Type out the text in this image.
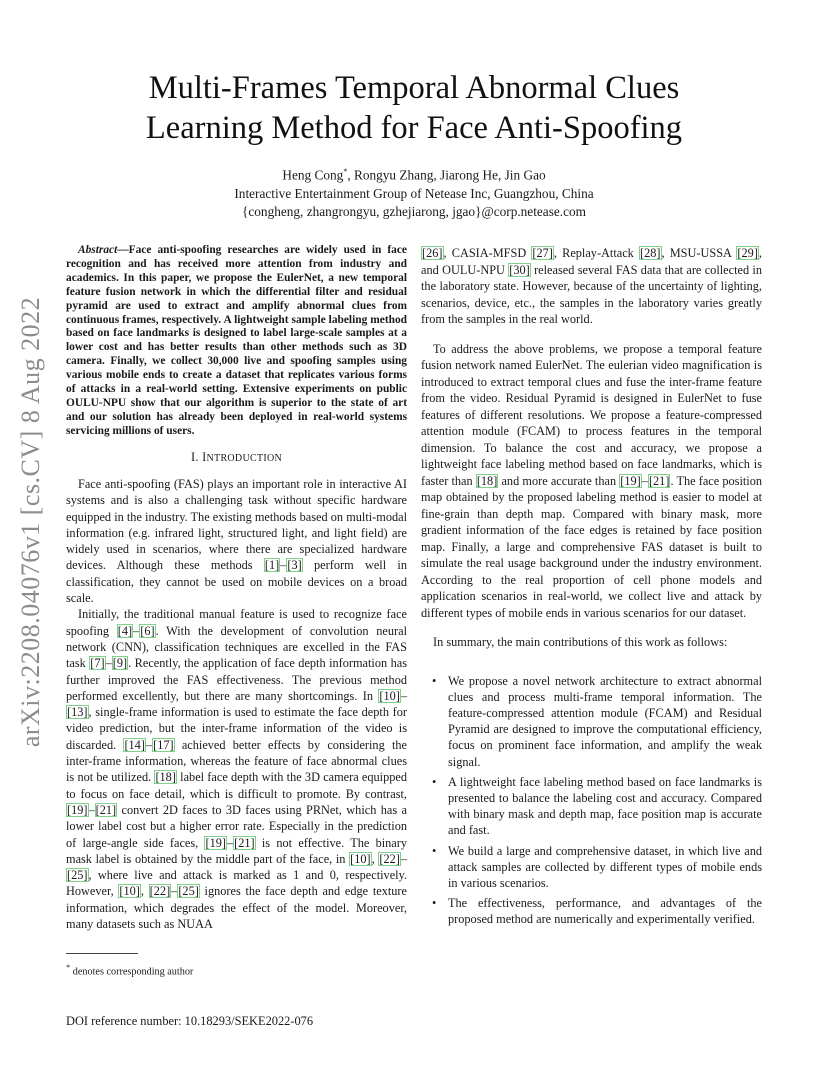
arXiv:2208.04076v1 [cs.CV] 8 Aug 2022
Multi-Frames Temporal Abnormal Clues
Learning Method for Face Anti-Spoofing
Heng Cong*, Rongyu Zhang, Jiarong He, Jin Gao
Interactive Entertainment Group of Netease Inc, Guangzhou, China
{congheng, zhangrongyu, gzhejiarong, jgao}@corp.netease.com

Abstract—Face anti-spoofing researches are widely used in face recognition and has received more attention from industry and academics. In this paper, we propose the EulerNet, a new temporal feature fusion network in which the differential filter and residual pyramid are used to extract and amplify abnormal clues from continuous frames, respectively. A lightweight sample labeling method based on face landmarks is designed to label large-scale samples at a lower cost and has better results than other methods such as 3D camera. Finally, we collect 30,000 live and spoofing samples using various mobile ends to create a dataset that replicates various forms of attacks in a real-world setting. Extensive experiments on public OULU-NPU show that our algorithm is superior to the state of art and our solution has already been deployed in real-world systems servicing millions of users.

I. INTRODUCTION

Face anti-spoofing (FAS) plays an important role in interactive AI systems and is also a challenging task without specific hardware equipped in the industry. The existing methods based on multi-modal information (e.g. infrared light, structured light, and light field) are widely used in scenarios, where there are specialized hardware devices. Although these methods [1]–[3] perform well in classification, they cannot be used on mobile devices on a broad scale.

Initially, the traditional manual feature is used to recognize face spoofing [4]–[6]. With the development of convolution neural network (CNN), classification techniques are excelled in the FAS task [7]–[9]. Recently, the application of face depth information has further improved the FAS effectiveness. The previous method performed excellently, but there are many shortcomings. In [10]–[13], single-frame information is used to estimate the face depth for video prediction, but the inter-frame information of the video is discarded. [14]–[17] achieved better effects by considering the inter-frame information, whereas the feature of face abnormal clues is not be utilized. [18] label face depth with the 3D camera equipped to focus on face detail, which is difficult to promote. By contrast, [19]–[21] convert 2D faces to 3D faces using PRNet, which has a lower label cost but a higher error rate. Especially in the prediction of large-angle side faces, [19]–[21] is not effective. The binary mask label is obtained by the middle part of the face, in [10], [22]–[25], where live and attack is marked as 1 and 0, respectively. However, [10], [22]–[25] ignores the face depth and edge texture information, which degrades the effect of the model. Moreover, many datasets such as NUAA

* denotes corresponding author

[26], CASIA-MFSD [27], Replay-Attack [28], MSU-USSA [29], and OULU-NPU [30] released several FAS data that are collected in the laboratory state. However, because of the uncertainty of lighting, scenarios, device, etc., the samples in the laboratory varies greatly from the samples in the real world.

To address the above problems, we propose a temporal feature fusion network named EulerNet. The eulerian video magnification is introduced to extract temporal clues and fuse the inter-frame feature from the video. Residual Pyramid is designed in EulerNet to fuse features of different resolutions. We propose a feature-compressed attention module (FCAM) to process features in the temporal dimension. To balance the cost and accuracy, we propose a lightweight face labeling method based on face landmarks, which is faster than [18] and more accurate than [19]–[21]. The face position map obtained by the proposed labeling method is easier to model at fine-grain than depth map. Compared with binary mask, more gradient information of the face edges is retained by face position map. Finally, a large and comprehensive FAS dataset is built to simulate the real usage background under the industry environment. According to the real proportion of cell phone models and application scenarios in real-world, we collect live and attack by different types of mobile ends in various scenarios for our dataset.

In summary, the main contributions of this work as follows:

• We propose a novel network architecture to extract abnormal clues and process multi-frame temporal information. The feature-compressed attention module (FCAM) and Residual Pyramid are designed to improve the computational efficiency, focus on prominent face information, and amplify the weak signal.
• A lightweight face labeling method based on face landmarks is presented to balance the labeling cost and accuracy. Compared with binary mask and depth map, face position map is accurate and fast.
• We build a large and comprehensive dataset, in which live and attack samples are collected by different types of mobile ends in various scenarios.
• The effectiveness, performance, and advantages of the proposed method are numerically and experimentally verified.
DOI reference number: 10.18293/SEKE2022-076
